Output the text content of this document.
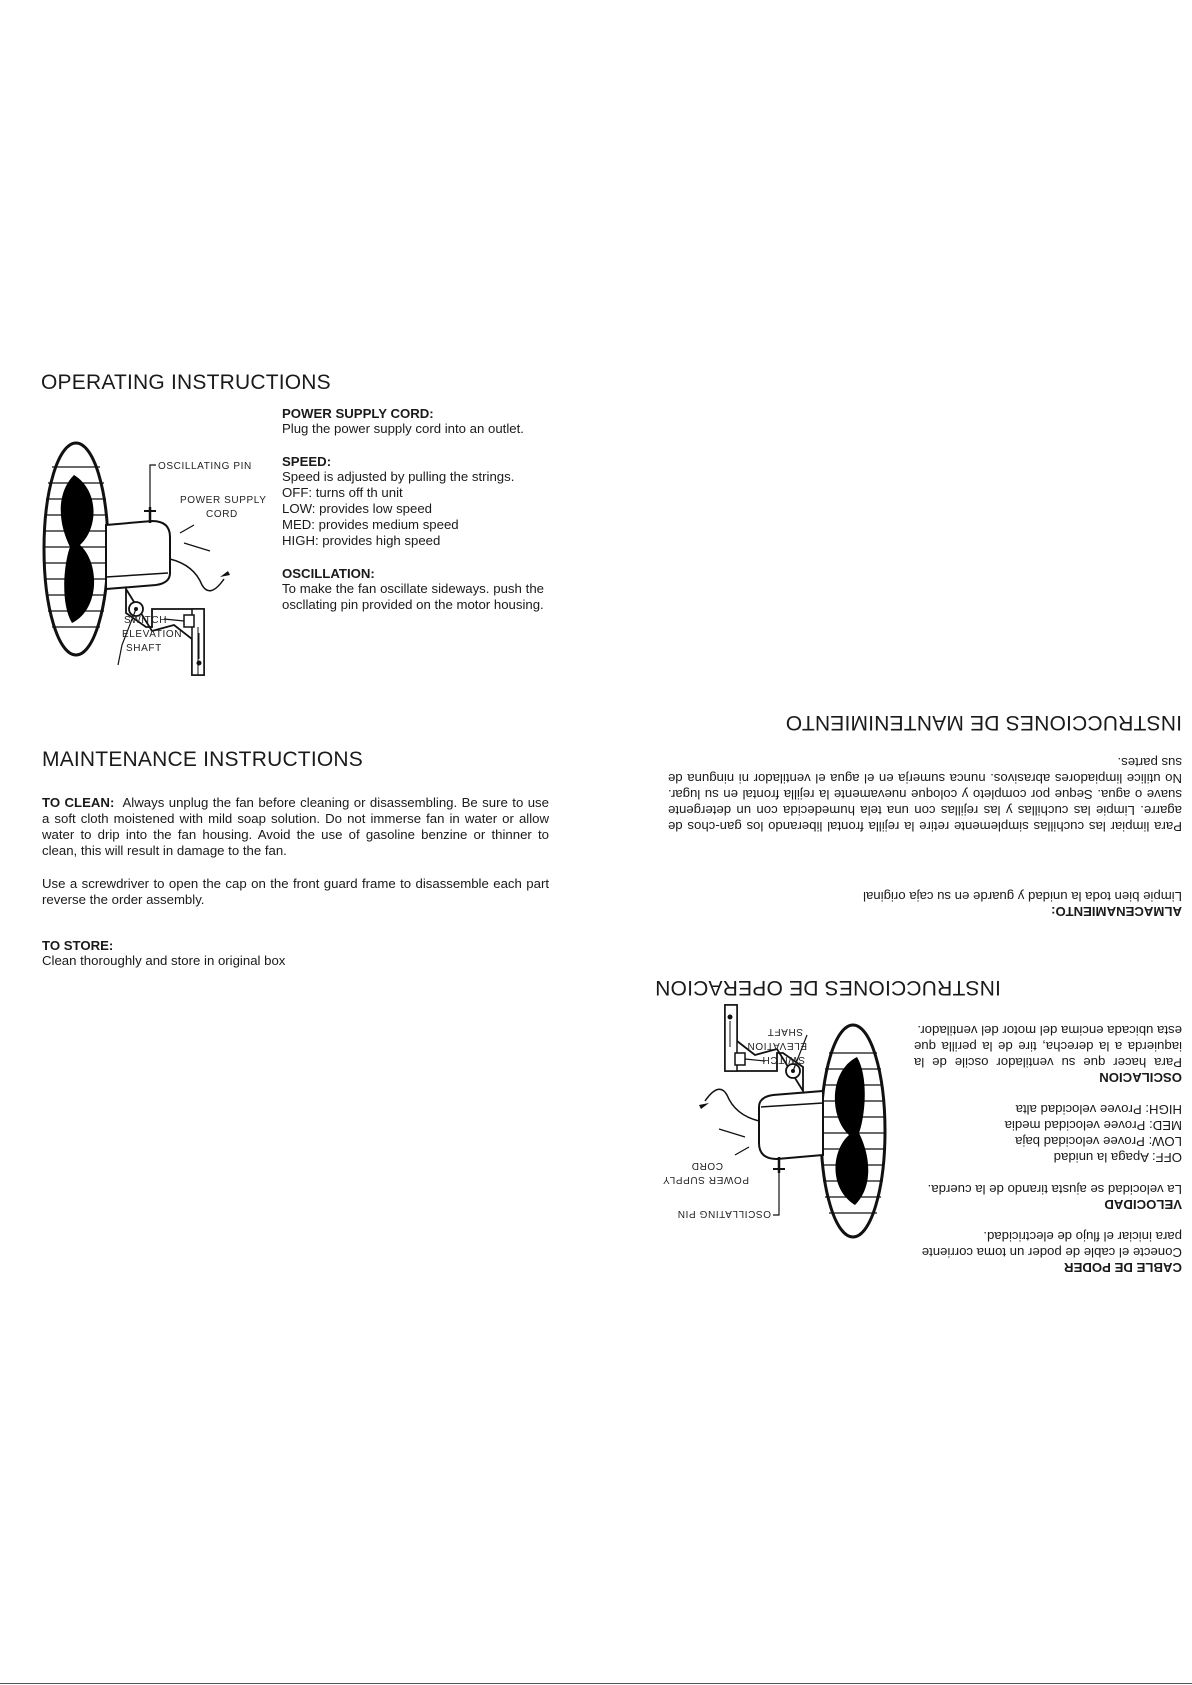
OPERATING INSTRUCTIONS
OSCILLATING PIN
POWER SUPPLY
CORD
SWITCH
ELEVATION
SHAFT
POWER SUPPLY CORD:
Plug the power supply cord into an outlet.
SPEED:
Speed is adjusted by pulling the strings.
OFF: turns off th unit
LOW: provides low speed
MED: provides medium speed
HIGH: provides high speed
OSCILLATION:
To make the fan oscillate sideways. push the oscllating pin provided on the motor housing.
MAINTENANCE INSTRUCTIONS
TO CLEAN: Always unplug the fan before cleaning or disassembling. Be sure to use a soft cloth moistened with mild soap solution. Do not immerse fan in water or allow water to drip into the fan housing. Avoid the use of gasoline benzine or thinner to clean, this will result in damage to the fan.
Use a screwdriver to open the cap on the front guard frame to disassemble each part reverse the order assembly.
TO STORE:
Clean thoroughly and store in original box
INSTRUCCIONES DE MANTENIMIENTO
ALMACENAMIENTO:
Limpie bien toda la unidad y guarde en su caja original
Para limpiar las cuchillas simplemente retire la rejilla frontal liberando los gan-chos de agarre. Limpie las cuchillas y las rejillas con una tela humedecida con un detergente suave o agua. Seque por completo y coloque nuevamente la rejilla frontal en su lugar. No utilice limpiadores abrasivos. nunca sumerja en el agua el ventilador ni ninguna de sus partes.
INSTRUCCIONES DE OPERACION
OSCILLATING PIN
POWER SUPPLY
CORD
SWITCH
ELEVATION
SHAFT
CABLE DE PODER
Conecte el cable de poder un toma corriente para iniciar el flujo de electricidad.
VELOCIDAD
La velocidad se ajusta tirando de la cuerda.
OFF: Apaga la unidad
LOW: Provee velocidad baja
MED: Provee velocidad media
HIGH: Provee velocidad alta
OSCILACION
Para hacer que su ventilador oscile de la iaquierda a la derecha, tire de la perilla que esta ubicada encima del motor del ventilador.
